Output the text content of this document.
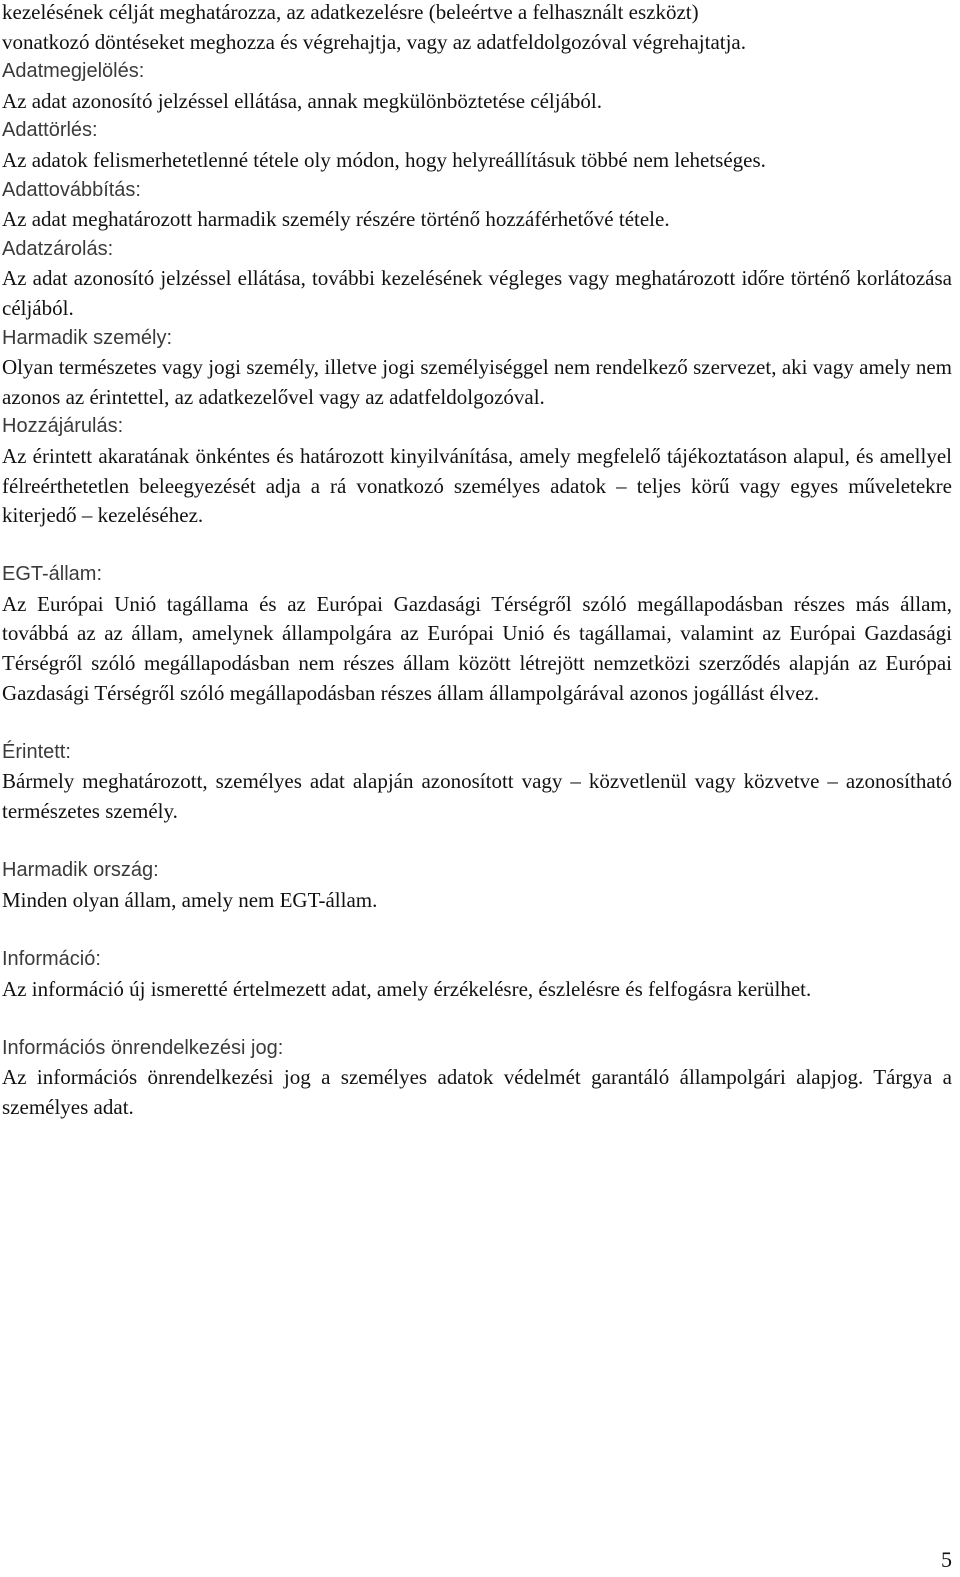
kezelésének célját meghatározza, az adatkezelésre (beleértve a felhasznált eszközt)
vonatkozó döntéseket meghozza és végrehajtja, vagy az adatfeldolgozóval végrehajtatja.

Adatmegjelölés:
Az adat azonosító jelzéssel ellátása, annak megkülönböztetése céljából.
Adattörlés:
Az adatok felismerhetetlenné tétele oly módon, hogy helyreállításuk többé nem lehetséges.
Adattovábbítás:
Az adat meghatározott harmadik személy részére történő hozzáférhetővé tétele.
Adatzárolás:
Az adat azonosító jelzéssel ellátása, további kezelésének végleges vagy meghatározott időre történő korlátozása céljából.
Harmadik személy:
Olyan természetes vagy jogi személy, illetve jogi személyiséggel nem rendelkező szervezet, aki vagy amely nem azonos az érintettel, az adatkezelővel vagy az adatfeldolgozóval.
Hozzájárulás:
Az érintett akaratának önkéntes és határozott kinyilvánítása, amely megfelelő tájékoztatáson alapul, és amellyel félreérthetetlen beleegyezését adja a rá vonatkozó személyes adatok – teljes körű vagy egyes műveletekre kiterjedő – kezeléséhez.
EGT-állam:
Az Európai Unió tagállama és az Európai Gazdasági Térségről szóló megállapodásban részes más állam, továbbá az az állam, amelynek állampolgára az Európai Unió és tagállamai, valamint az Európai Gazdasági Térségről szóló megállapodásban nem részes állam között létrejött nemzetközi szerződés alapján az Európai Gazdasági Térségről szóló megállapodásban részes állam állampolgárával azonos jogállást élvez.
Érintett:
Bármely meghatározott, személyes adat alapján azonosított vagy – közvetlenül vagy közvetve – azonosítható természetes személy.
Harmadik ország:
Minden olyan állam, amely nem EGT-állam.
Információ:
Az információ új ismeretté értelmezett adat, amely érzékelésre, észlelésre és felfogásra kerülhet.
Információs önrendelkezési jog:
Az információs önrendelkezési jog a személyes adatok védelmét garantáló állampolgári alapjog. Tárgya a személyes adat.
5
